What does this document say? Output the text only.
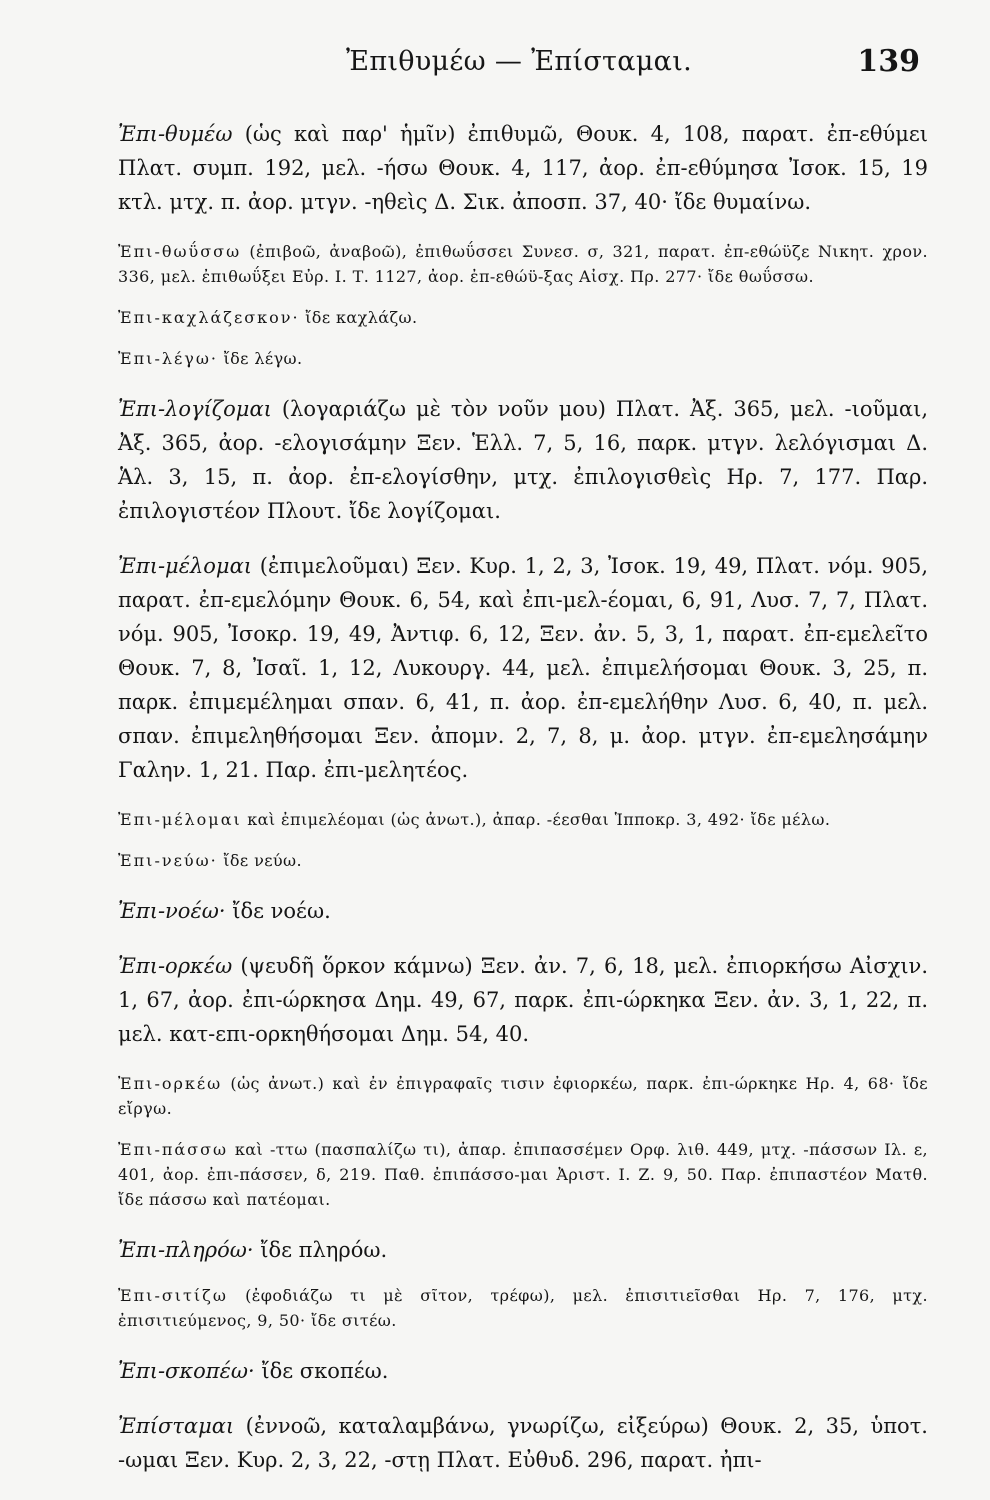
Ἐπιθυμέω — Ἐπίσταμαι.	139

Ἐπι-θυμέω (ὡς καὶ παρ' ἡμῖν) ἐπιθυμῶ, Θουκ. 4, 108, παρατ. ἐπ-εθύμει Πλατ. συμπ. 192, μελ. -ήσω Θουκ. 4, 117, ἀορ. ἐπ-εθύμησα Ἰσοκ. 15, 19 κτλ. μτχ. π. ἀορ. μτγν. -ηθεὶς Δ. Σικ. ἀποσπ. 37, 40· ἴδε θυμαίνω.

Ἐπι-θωΰσσω (ἐπιβοῶ, ἀναβοῶ), ἐπιθωΰσσει Συνεσ. σ, 321, παρατ. ἐπ-εθώϋζε Νικητ. χρον. 336, μελ. ἐπιθωΰξει Εὐρ. Ι. Τ. 1127, ἀορ. ἐπ-εθώϋ-ξας Αἰσχ. Πρ. 277· ἴδε θωΰσσω.

Ἐπι-καχλάζεσκον· ἴδε καχλάζω.

Ἐπι-λέγω· ἴδε λέγω.

Ἐπι-λογίζομαι (λογαριάζω μὲ τὸν νοῦν μου) Πλατ. Ἀξ. 365, μελ. -ιοῦμαι, Ἀξ. 365, ἀορ. -ελογισάμην Ξεν. Ἑλλ. 7, 5, 16, παρκ. μτγν. λελόγισμαι Δ. Ἁλ. 3, 15, π. ἀορ. ἐπ-ελογίσθην, μτχ. ἐπιλογισθεὶς Ηρ. 7, 177. Παρ. ἐπιλογιστέον Πλουτ. ἴδε λογίζομαι.

Ἐπι-μέλομαι (ἐπιμελοῦμαι) Ξεν. Κυρ. 1, 2, 3, Ἰσοκ. 19, 49, Πλατ. νόμ. 905, παρατ. ἐπ-εμελόμην Θουκ. 6, 54, καὶ ἐπι-μελ-έομαι, 6, 91, Λυσ. 7, 7, Πλατ. νόμ. 905, Ἰσοκρ. 19, 49, Ἀντιφ. 6, 12, Ξεν. ἀν. 5, 3, 1, παρατ. ἐπ-εμελεῖτο Θουκ. 7, 8, Ἰσαῖ. 1, 12, Λυκουργ. 44, μελ. ἐπιμελήσομαι Θουκ. 3, 25, π. παρκ. ἐπιμεμέλημαι σπαν. 6, 41, π. ἀορ. ἐπ-εμελήθην Λυσ. 6, 40, π. μελ. σπαν. ἐπιμεληθήσομαι Ξεν. ἀπομν. 2, 7, 8, μ. ἀορ. μτγν. ἐπ-εμελησάμην Γαλην. 1, 21. Παρ. ἐπι-μελητέος.

Ἐπι-μέλομαι καὶ ἐπιμελέομαι (ὡς ἀνωτ.), ἀπαρ. -έεσθαι Ἱπποκρ. 3, 492· ἴδε μέλω.

Ἐπι-νεύω· ἴδε νεύω.

Ἐπι-νοέω· ἴδε νοέω.

Ἐπι-ορκέω (ψευδῆ ὅρκον κάμνω) Ξεν. ἀν. 7, 6, 18, μελ. ἐπιορκήσω Αἰσχιν. 1, 67, ἀορ. ἐπι-ώρκησα Δημ. 49, 67, παρκ. ἐπι-ώρκηκα Ξεν. ἀν. 3, 1, 22, π. μελ. κατ-επι-ορκηθήσομαι Δημ. 54, 40.

Ἐπι-ορκέω (ὡς ἀνωτ.) καὶ ἐν ἐπιγραφαῖς τισιν ἐφιορκέω, παρκ. ἐπι-ώρκηκε Ηρ. 4, 68· ἴδε εἴργω.

Ἐπι-πάσσω καὶ -ττω (πασπαλίζω τι), ἀπαρ. ἐπιπασσέμεν Ορφ. λιθ. 449, μτχ. -πάσσων Ιλ. ε, 401, ἀορ. ἐπι-πάσσεν, δ, 219. Παθ. ἐπιπάσσο-μαι Ἀριστ. Ι. Ζ. 9, 50. Παρ. ἐπιπαστέον Ματθ. ἴδε πάσσω καὶ πατέομαι.

Ἐπι-πληρόω· ἴδε πληρόω.

Ἐπι-σιτίζω (ἐφοδιάζω τι μὲ σῖτον, τρέφω), μελ. ἐπισιτιεῖσθαι Ηρ. 7, 176, μτχ. ἐπισιτιεύμενος, 9, 50· ἴδε σιτέω.

Ἐπι-σκοπέω· ἴδε σκοπέω.

Ἐπίσταμαι (ἐννοῶ, καταλαμβάνω, γνωρίζω, εἰξεύρω) Θουκ. 2, 35, ὑποτ. -ωμαι Ξεν. Κυρ. 2, 3, 22, -στῃ Πλατ. Εὐθυδ. 296, παρατ. ἠπι-
